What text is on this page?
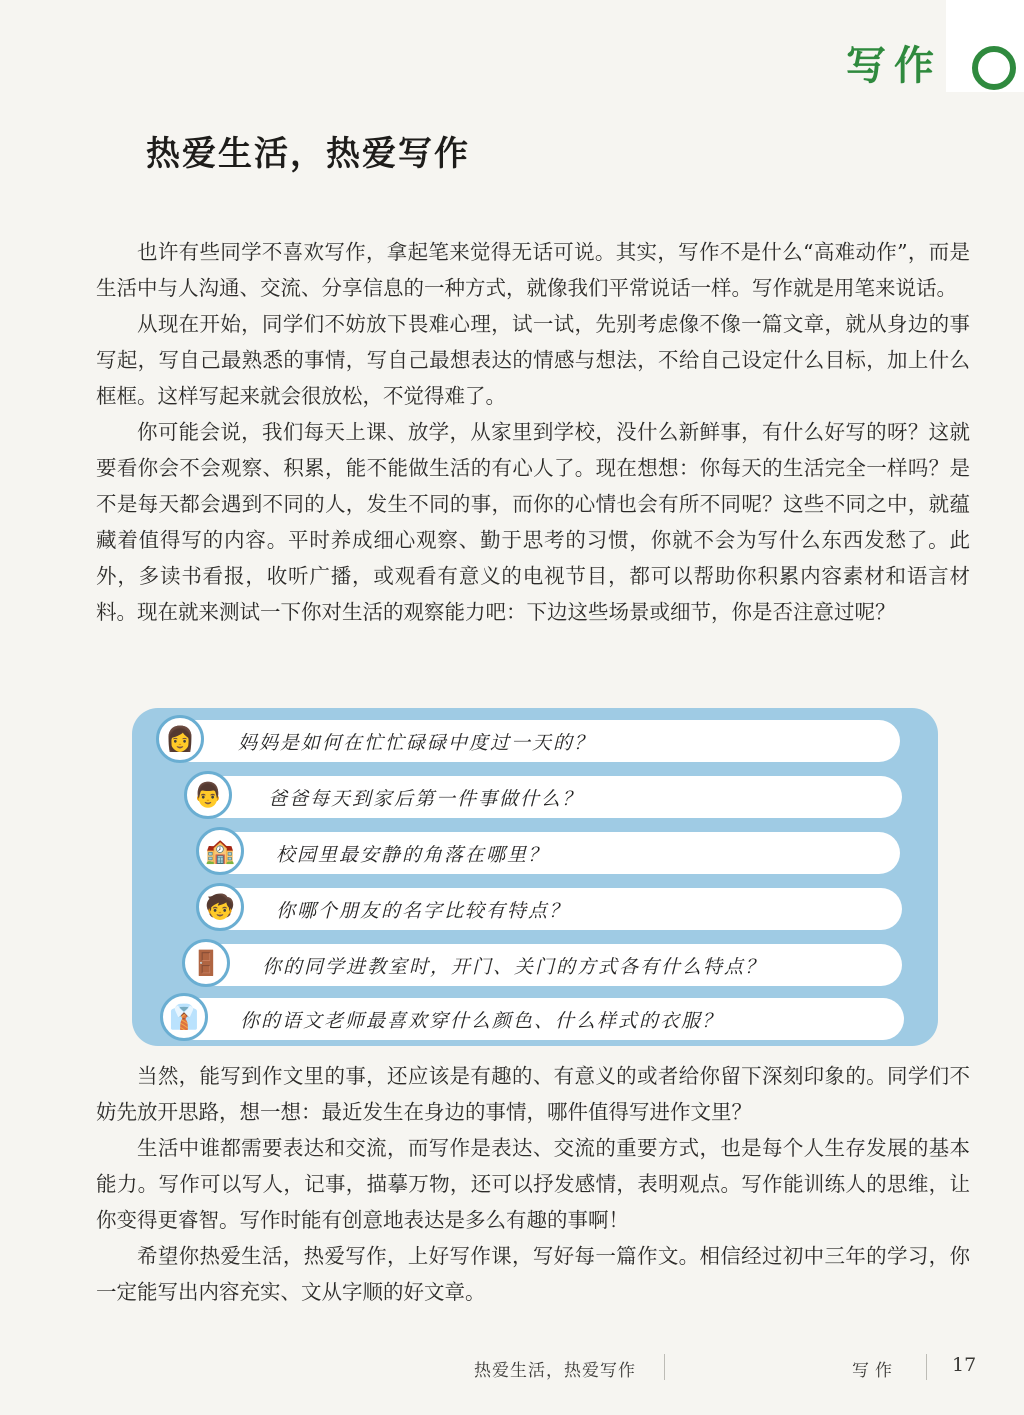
写作
热爱生活，热爱写作

也许有些同学不喜欢写作，拿起笔来觉得无话可说。其实，写作不是什么“高难动作”，而是生活中与人沟通、交流、分享信息的一种方式，就像我们平常说话一样。写作就是用笔来说话。

从现在开始，同学们不妨放下畏难心理，试一试，先别考虑像不像一篇文章，就从身边的事写起，写自己最熟悉的事情，写自己最想表达的情感与想法，不给自己设定什么目标，加上什么框框。这样写起来就会很放松，不觉得难了。

你可能会说，我们每天上课、放学，从家里到学校，没什么新鲜事，有什么好写的呀？这就要看你会不会观察、积累，能不能做生活的有心人了。现在想想：你每天的生活完全一样吗？是不是每天都会遇到不同的人，发生不同的事，而你的心情也会有所不同呢？这些不同之中，就蕴藏着值得写的内容。平时养成细心观察、勤于思考的习惯，你就不会为写什么东西发愁了。此外，多读书看报，收听广播，或观看有意义的电视节目，都可以帮助你积累内容素材和语言材料。现在就来测试一下你对生活的观察能力吧：下边这些场景或细节，你是否注意过呢？

👩	妈妈是如何在忙忙碌碌中度过一天的？
👨	爸爸每天到家后第一件事做什么？
🏫	校园里最安静的角落在哪里？
🧒	你哪个朋友的名字比较有特点？
🚪	你的同学进教室时，开门、关门的方式各有什么特点？
👔	你的语文老师最喜欢穿什么颜色、什么样式的衣服？

当然，能写到作文里的事，还应该是有趣的、有意义的或者给你留下深刻印象的。同学们不妨先放开思路，想一想：最近发生在身边的事情，哪件值得写进作文里？

生活中谁都需要表达和交流，而写作是表达、交流的重要方式，也是每个人生存发展的基本能力。写作可以写人，记事，描摹万物，还可以抒发感情，表明观点。写作能训练人的思维，让你变得更睿智。写作时能有创意地表达是多么有趣的事啊！

希望你热爱生活，热爱写作，上好写作课，写好每一篇作文。相信经过初中三年的学习，你一定能写出内容充实、文从字顺的好文章。

热爱生活，热爱写作	写作	17
